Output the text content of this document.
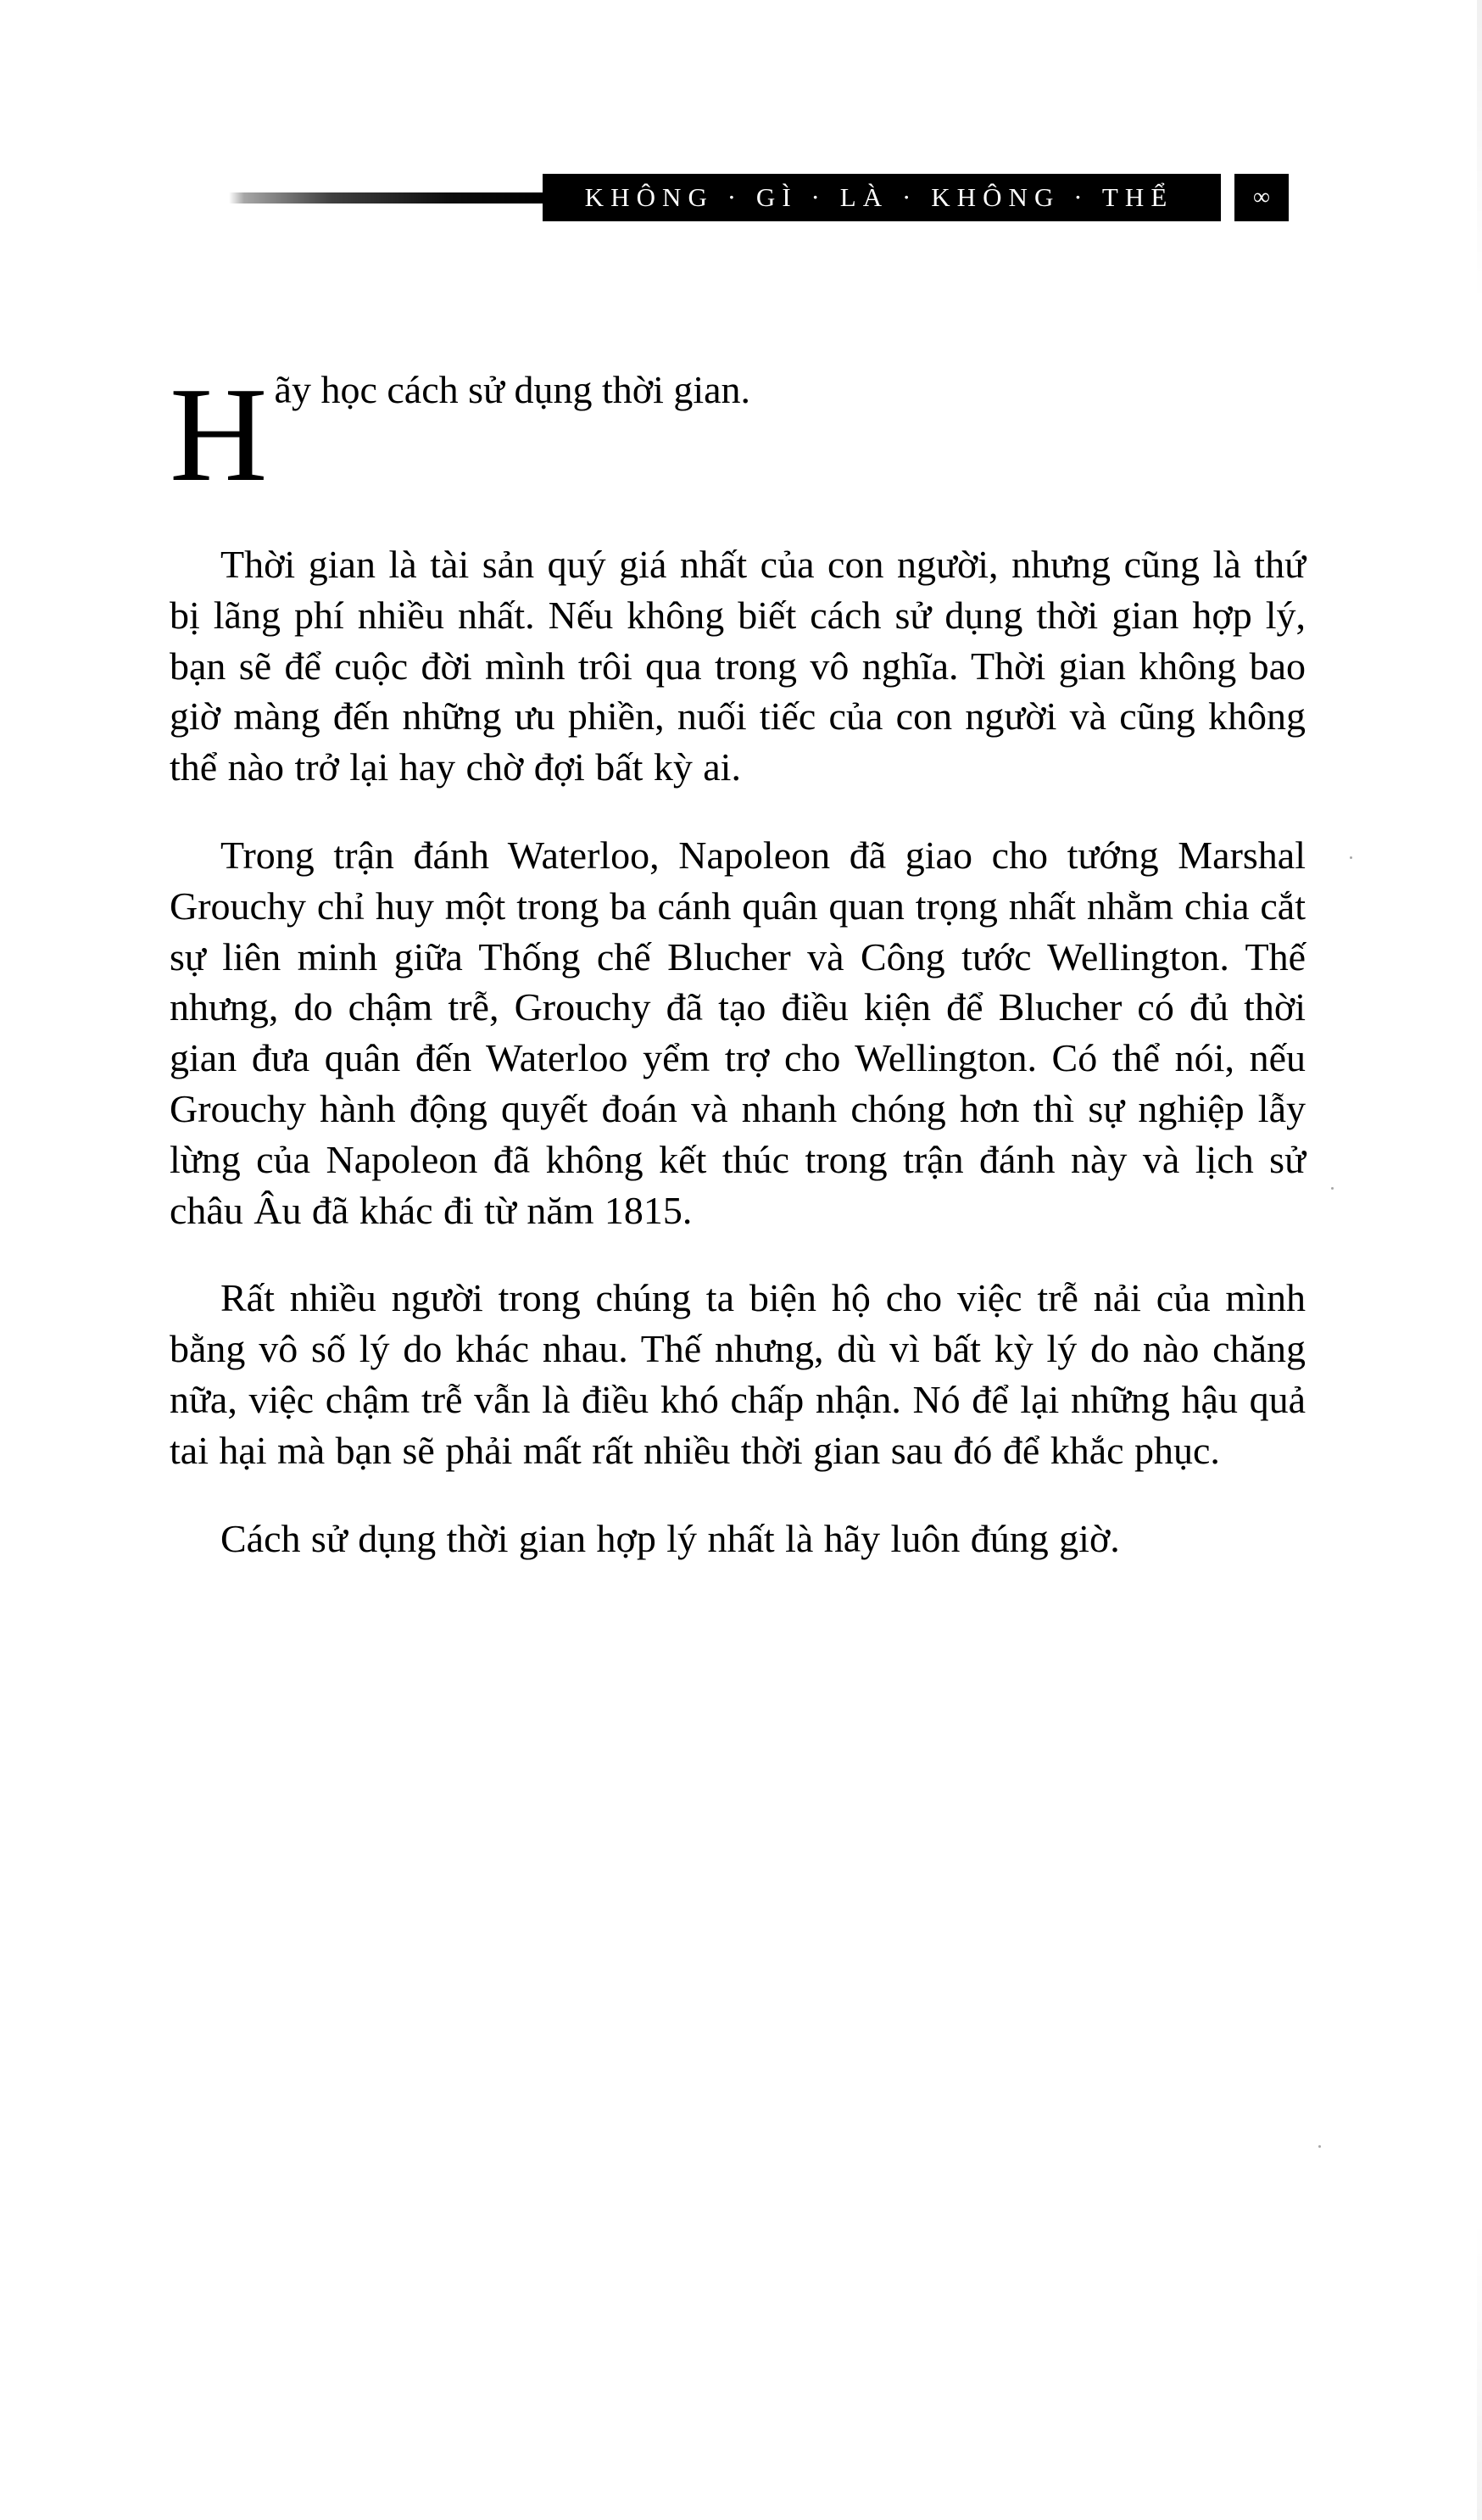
KHÔNG · GÌ · LÀ · KHÔNG · THỂ	∞

Hãy học cách sử dụng thời gian.

Thời gian là tài sản quý giá nhất của con người, nhưng cũng là thứ bị lãng phí nhiều nhất. Nếu không biết cách sử dụng thời gian hợp lý, bạn sẽ để cuộc đời mình trôi qua trong vô nghĩa. Thời gian không bao giờ màng đến những ưu phiền, nuối tiếc của con người và cũng không thể nào trở lại hay chờ đợi bất kỳ ai.

Trong trận đánh Waterloo, Napoleon đã giao cho tướng Marshal Grouchy chỉ huy một trong ba cánh quân quan trọng nhất nhằm chia cắt sự liên minh giữa Thống chế Blucher và Công tước Wellington. Thế nhưng, do chậm trễ, Grouchy đã tạo điều kiện để Blucher có đủ thời gian đưa quân đến Waterloo yểm trợ cho Wellington. Có thể nói, nếu Grouchy hành động quyết đoán và nhanh chóng hơn thì sự nghiệp lẫy lừng của Napoleon đã không kết thúc trong trận đánh này và lịch sử châu Âu đã khác đi từ năm 1815.

Rất nhiều người trong chúng ta biện hộ cho việc trễ nải của mình bằng vô số lý do khác nhau. Thế nhưng, dù vì bất kỳ lý do nào chăng nữa, việc chậm trễ vẫn là điều khó chấp nhận. Nó để lại những hậu quả tai hại mà bạn sẽ phải mất rất nhiều thời gian sau đó để khắc phục.

Cách sử dụng thời gian hợp lý nhất là hãy luôn đúng giờ.
